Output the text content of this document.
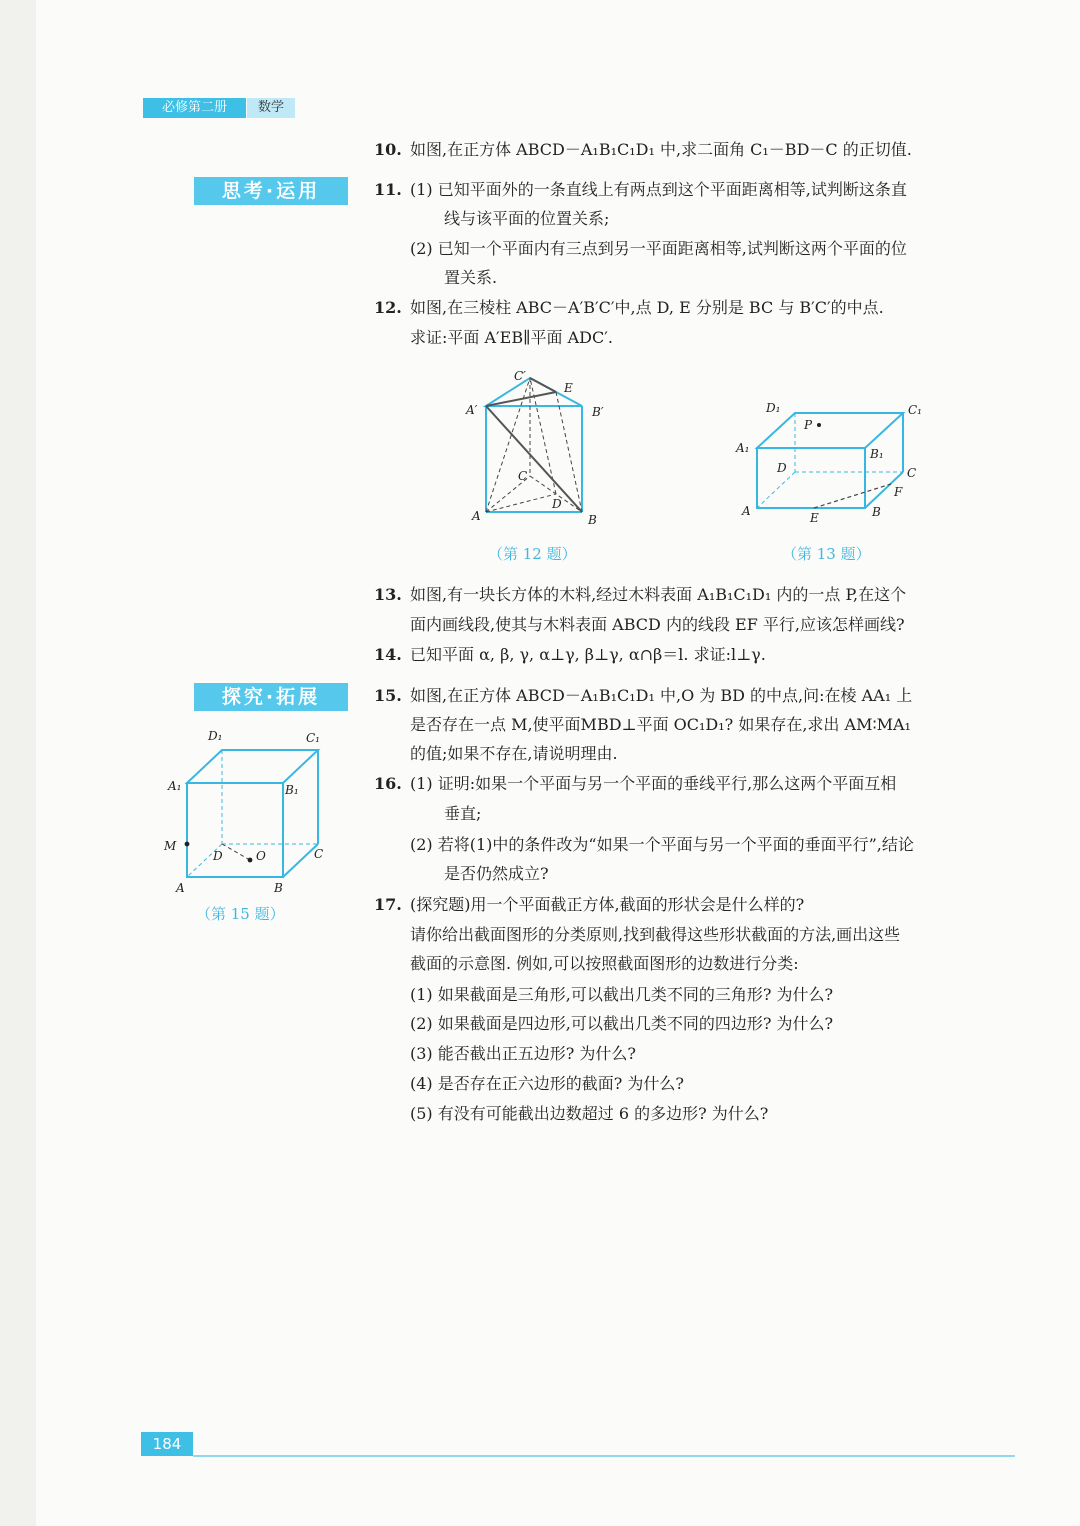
必修第二册	数学
思考·运用
探究·拓展
10.
11.
12.
13.
14.
15.
16.
17.
如图,在正方体 ABCD－A₁B₁C₁D₁ 中,求二面角 C₁－BD－C 的正切值.
(1) 已知平面外的一条直线上有两点到这个平面距离相等,试判断这条直
线与该平面的位置关系;
(2) 已知一个平面内有三点到另一平面距离相等,试判断这两个平面的位
置关系.
如图,在三棱柱 ABC－A′B′C′中,点 D, E 分别是 BC 与 B′C′的中点.
求证:平面 A′EB∥平面 ADC′.
如图,有一块长方体的木料,经过木料表面 A₁B₁C₁D₁ 内的一点 P,在这个
面内画线段,使其与木料表面 ABCD 内的线段 EF 平行,应该怎样画线?
已知平面 α, β, γ, α⊥γ, β⊥γ, α∩β＝l. 求证:l⊥γ.
如图,在正方体 ABCD－A₁B₁C₁D₁ 中,O 为 BD 的中点,问:在棱 AA₁ 上
是否存在一点 M,使平面MBD⊥平面 OC₁D₁? 如果存在,求出 AM∶MA₁
的值;如果不存在,请说明理由.
(1) 证明:如果一个平面与另一个平面的垂线平行,那么这两个平面互相
垂直;
(2) 若将(1)中的条件改为“如果一个平面与另一个平面的垂面平行”,结论
是否仍然成立?
(探究题)用一个平面截正方体,截面的形状会是什么样的?
请你给出截面图形的分类原则,找到截得这些形状截面的方法,画出这些
截面的示意图. 例如,可以按照截面图形的边数进行分类:
(1) 如果截面是三角形,可以截出几类不同的三角形? 为什么?
(2) 如果截面是四边形,可以截出几类不同的四边形? 为什么?
(3) 能否截出正五边形? 为什么?
(4) 是否存在正六边形的截面? 为什么?
(5) 有没有可能截出边数超过 6 的多边形? 为什么?
C′
E
A′	B′
C
D
A	B
（第 12 题）
D₁	C₁
P
A₁	B₁
D	C
F
A	E	B
（第 13 题）
D₁	C₁
A₁	B₁
M
D	O	C
A	B
（第 15 题）
184
